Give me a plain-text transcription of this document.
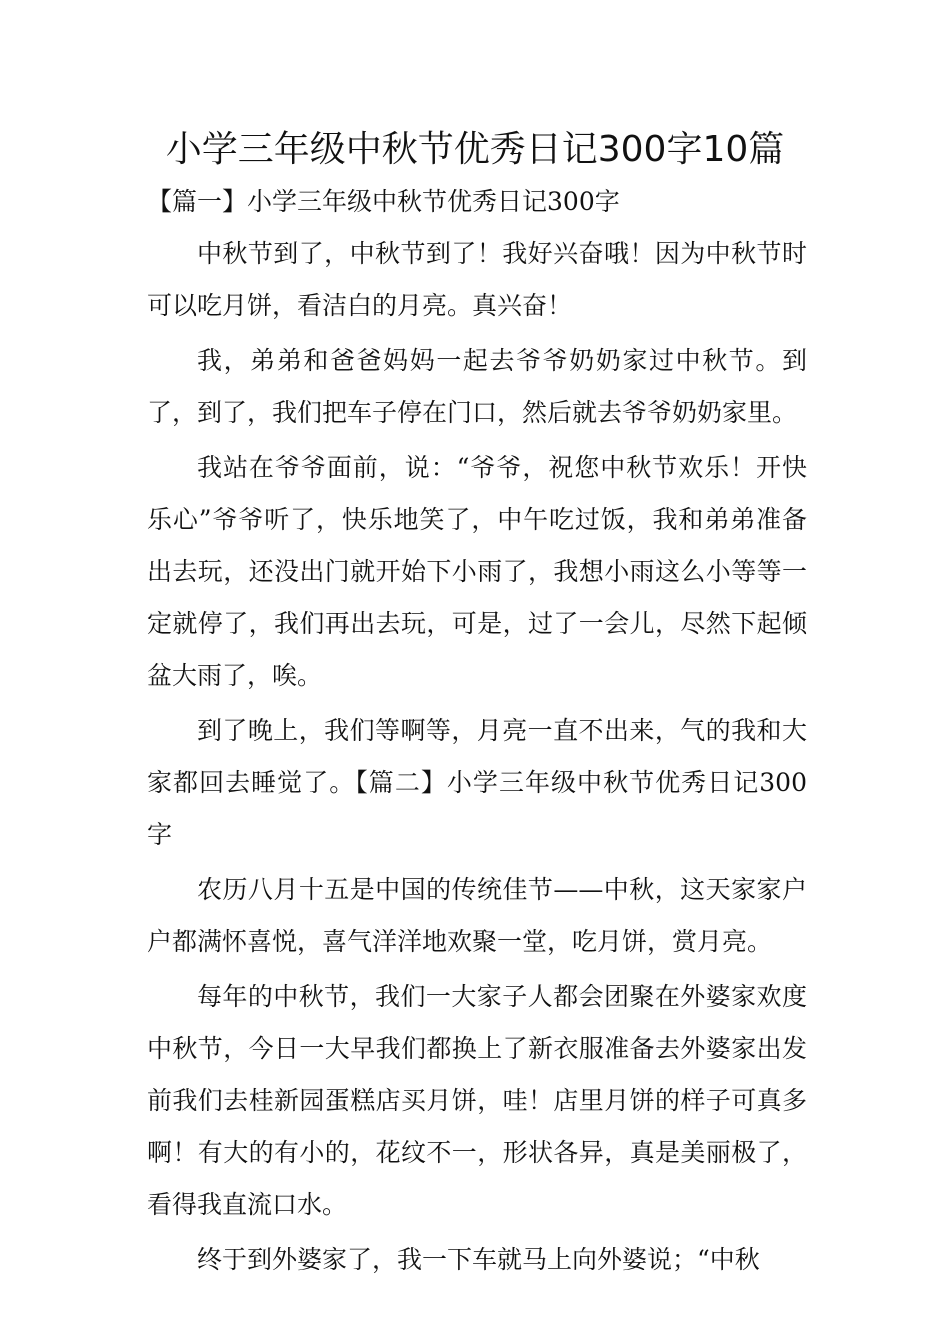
小学三年级中秋节优秀日记300字10篇

【篇一】小学三年级中秋节优秀日记300字

中秋节到了，中秋节到了！我好兴奋哦！因为中秋节时可以吃月饼，看洁白的月亮。真兴奋！

我，弟弟和爸爸妈妈一起去爷爷奶奶家过中秋节。到了，到了，我们把车子停在门口，然后就去爷爷奶奶家里。

我站在爷爷面前，说：“爷爷，祝您中秋节欢乐！开快乐心”爷爷听了，快乐地笑了，中午吃过饭，我和弟弟准备出去玩，还没出门就开始下小雨了，我想小雨这么小等等一定就停了，我们再出去玩，可是，过了一会儿，尽然下起倾盆大雨了，唉。

到了晚上，我们等啊等，月亮一直不出来，气的我和大家都回去睡觉了。【篇二】小学三年级中秋节优秀日记300字

农历八月十五是中国的传统佳节——中秋，这天家家户户都满怀喜悦，喜气洋洋地欢聚一堂，吃月饼，赏月亮。

每年的中秋节，我们一大家子人都会团聚在外婆家欢度中秋节，今日一大早我们都换上了新衣服准备去外婆家出发前我们去桂新园蛋糕店买月饼，哇！店里月饼的样子可真多啊！有大的有小的，花纹不一，形状各异，真是美丽极了，看得我直流口水。

终于到外婆家了，我一下车就马上向外婆说；“中秋
